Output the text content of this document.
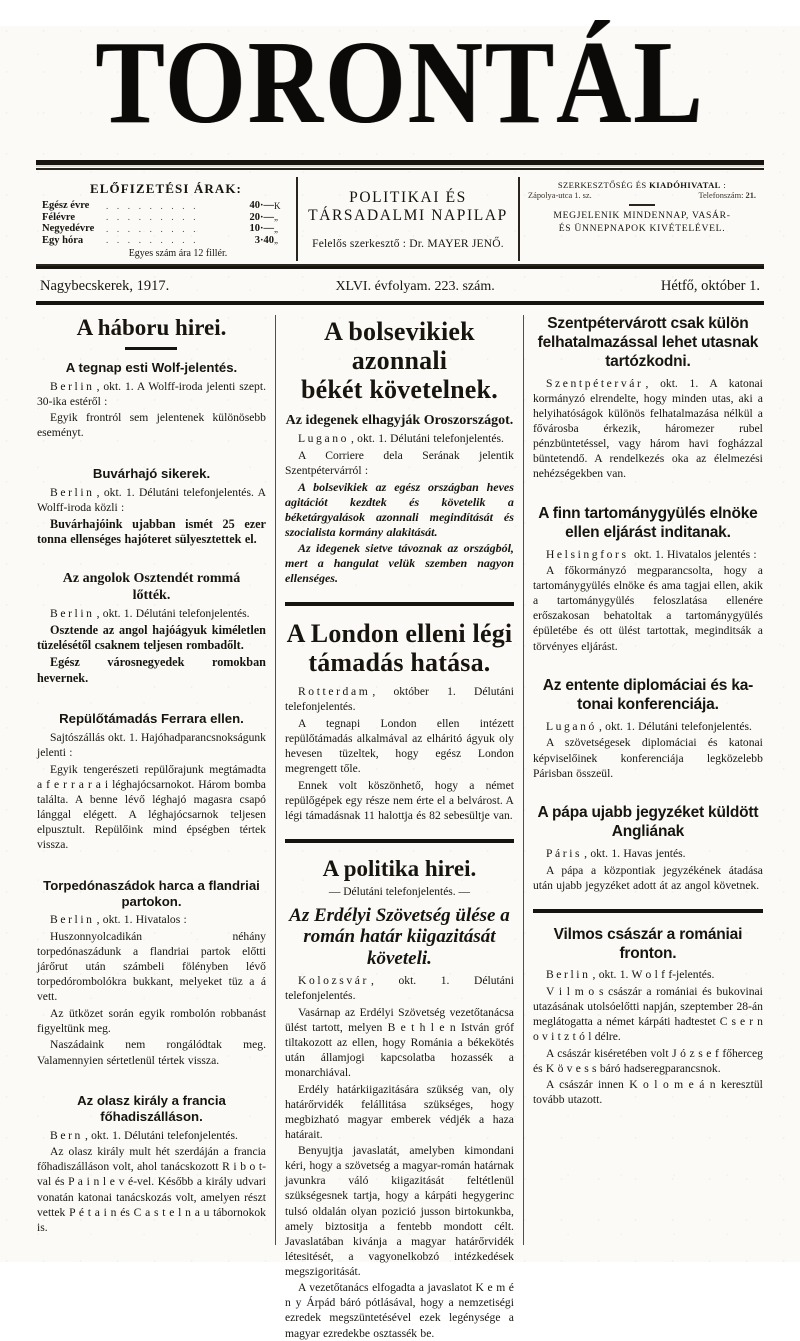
TORONTÁL
ELŐFIZETÉSI ÁRAK:
Egész évre	. . . . . . . . .	40·—	K
Félévre	. . . . . . . . .	20·—	„
Negyedévre	. . . . . . . . .	10·—	„
Egy hóra	. . . . . . . . .	3·40	„
Egyes szám ára 12 fillér.
POLITIKAI ÉS TÁRSADALMI NAPILAP
Felelős szerkesztő : Dr. MAYER JENŐ.
SZERKESZTŐSÉG ÉS KIADÓHIVATAL :
Zápolya-utca 1. sz.	Telefonszám: 21.
MEGJELENIK MINDENNAP, VASÁR-
ÉS ÜNNEPNAPOK KIVÉTELÉVEL.
Nagybecskerek, 1917.	XLVI. évfolyam. 223. szám.	Hétfő, október 1.
A háboru hirei.
A tegnap esti Wolf-jelentés.

Berlin , okt. 1. A Wolff-iroda jelenti szept. 30-ika estéről :

Egyik frontról sem jelentenek különösebb eseményt.

Buvárhajó sikerek.

Berlin , okt. 1. Délutáni telefonjelentés. A Wolff-iroda közli :

Buvárhajóink ujabban ismét 25 ezer tonna ellenséges hajóteret sülyesztettek el.

Az angolok Osztendét rommá
lőtték.

Berlin , okt. 1. Délutáni telefonjelentés.

Osztende az angol hajóágyuk kiméletlen tüzelésétől csaknem teljesen rombadőlt.

Egész városnegyedek romokban hevernek.

Repülőtámadás Ferrara ellen.

Sajtószállás okt. 1. Hajóhadparancsnokságunk jelenti :

Egyik tengerészeti repülőrajunk megtámadta a f e r r a r a i léghajócsarnokot. Három bomba találta. A benne lévő léghajó magasra csapó lánggal elégett. A léghajócsarnok teljesen elpusztult. Repülőink mind épségben tértek vissza.

Torpedónaszádok harca a flandriai
partokon.

Berlin , okt. 1. Hivatalos :

Huszonnyolcadikán néhány torpedónaszádunk a flandriai partok előtti járőrut után számbeli fölényben lévő torpedórombolókra bukkant, melyeket tüz a á vett.

Az ütközet során egyik rombolón robbanást figyeltünk meg.

Naszádaink nem rongálódtak meg. Valamennyien sértetlenül tértek vissza.

Az olasz király a francia
főhadiszálláson.

Bern , okt. 1. Délutáni telefonjelentés.

Az olasz király mult hét szerdáján a francia főhadiszálláson volt, ahol tanácskozott R i b o t-val és P a i n l e v é-vel. Később a király udvari vonatán katonai tanácskozás volt, amelyen részt vettek P é t a i n és C a s t e l n a u tábornokok is.

A bolsevikiek azonnali
békét követelnek.
Az idegenek elhagyják Oroszországot.

Lugano , okt. 1. Délutáni telefonjelentés.

A Corriere dela Serának jelentik Szentpétervárról :

A bolsevikiek az egész országban heves agitációt kezdtek és követelik a béketárgyalások azonnali megindítását és szocialista kormány alakitását.

Az idegenek sietve távoznak az országból, mert a hangulat velük szemben nagyon ellenséges.

A London elleni légi
támadás hatása.

Rotterdam , október 1. Délutáni telefonjelentés.

A tegnapi London ellen intézett repülőtámadás alkalmával az elháritó ágyuk oly hevesen tüzeltek, hogy egész London megrengett tőle.

Ennek volt köszönhető, hogy a német repülőgépek egy része nem érte el a belvárost. A légi támadásnak 11 halottja és 82 sebesültje van.

A politika hirei.
— Délutáni telefonjelentés. —
Az Erdélyi Szövetség ülése a
román határ kiigazitását
követeli.

Kolozsvár , okt. 1. Délutáni telefonjelentés.

Vasárnap az Erdélyi Szövetség vezetőtanácsa ülést tartott, melyen B e t h l e n István gróf tiltakozott az ellen, hogy Románia a békekötés után államjogi kapcsolatba hozassék a monarchiával.

Erdély határkiigazitására szükség van, oly határőrvidék felállitása szükséges, hogy megbizható magyar emberek védjék a haza határait.

Benyujtja javaslatát, amelyben kimondani kéri, hogy a szövetség a magyar-román határnak javunkra váló kiigazitását feltétlenül szükségesnek tartja, hogy a kárpáti hegygerinc tulsó oldalán olyan pozició jusson birtokunkba, amely biztositja a fentebb mondott célt. Javaslatában kivánja a magyar határőrvidék létesitését, a vagyonelkobzó intézkedések megszigoritását.

A vezetőtanács elfogadta a javaslatot K e m é n y Árpád báró pótlásával, hogy a nemzetiségi ezredek megszüntetésével ezek legénysége a magyar ezredekbe osztassék be.

Szentpétervárott csak külön
felhatalmazással lehet utasnak
tartózkodni.

Szentpétervár , okt. 1. A katonai kormányzó elrendelte, hogy minden utas, aki a helyihatóságok különös felhatalmazása nélkül a fővárosba érkezik, háromezer rubel pénzbüntetéssel, vagy három havi fogházzal büntetendő. A rendelkezés oka az élelmezési nehézségekben van.

A finn tartománygyülés elnöke
ellen eljárást inditanak.

Helsingfors okt. 1. Hivatalos jelentés :

A főkormányzó megparancsolta, hogy a tartománygyülés elnöke és ama tagjai ellen, akik a tartománygyülés feloszlatása ellenére erőszakosan behatoltak a tartománygyülés épületébe és ott ülést tartottak, meginditsák a törvényes eljárást.

Az entente diplomáciai és ka-
tonai konferenciája.

Luganó , okt. 1. Délutáni telefonjelentés.

A szövetségesek diplomáciai és katonai képviselőinek konferenciája legközelebb Párisban összeül.

A pápa ujabb jegyzéket küldött
Angliának

Páris , okt. 1. Havas jentés.

A pápa a központiak jegyzékének átadása után ujabb jegyzéket adott át az angol követnek.

Vilmos császár a romániai
fronton.

Berlin , okt. 1. W o l f f-jelentés.

V i l m o s császár a romániai és bukovinai utazásának utolsóelőtti napján, szeptember 28-án meglátogatta a német kárpáti hadtestet C s e r n o v i t z t ó l délre.

A császár kiséretében volt J ó z s e f főherceg és K ö v e s s báró hadseregparancsnok.

A császár innen K o l o m e á n keresztül tovább utazott.
